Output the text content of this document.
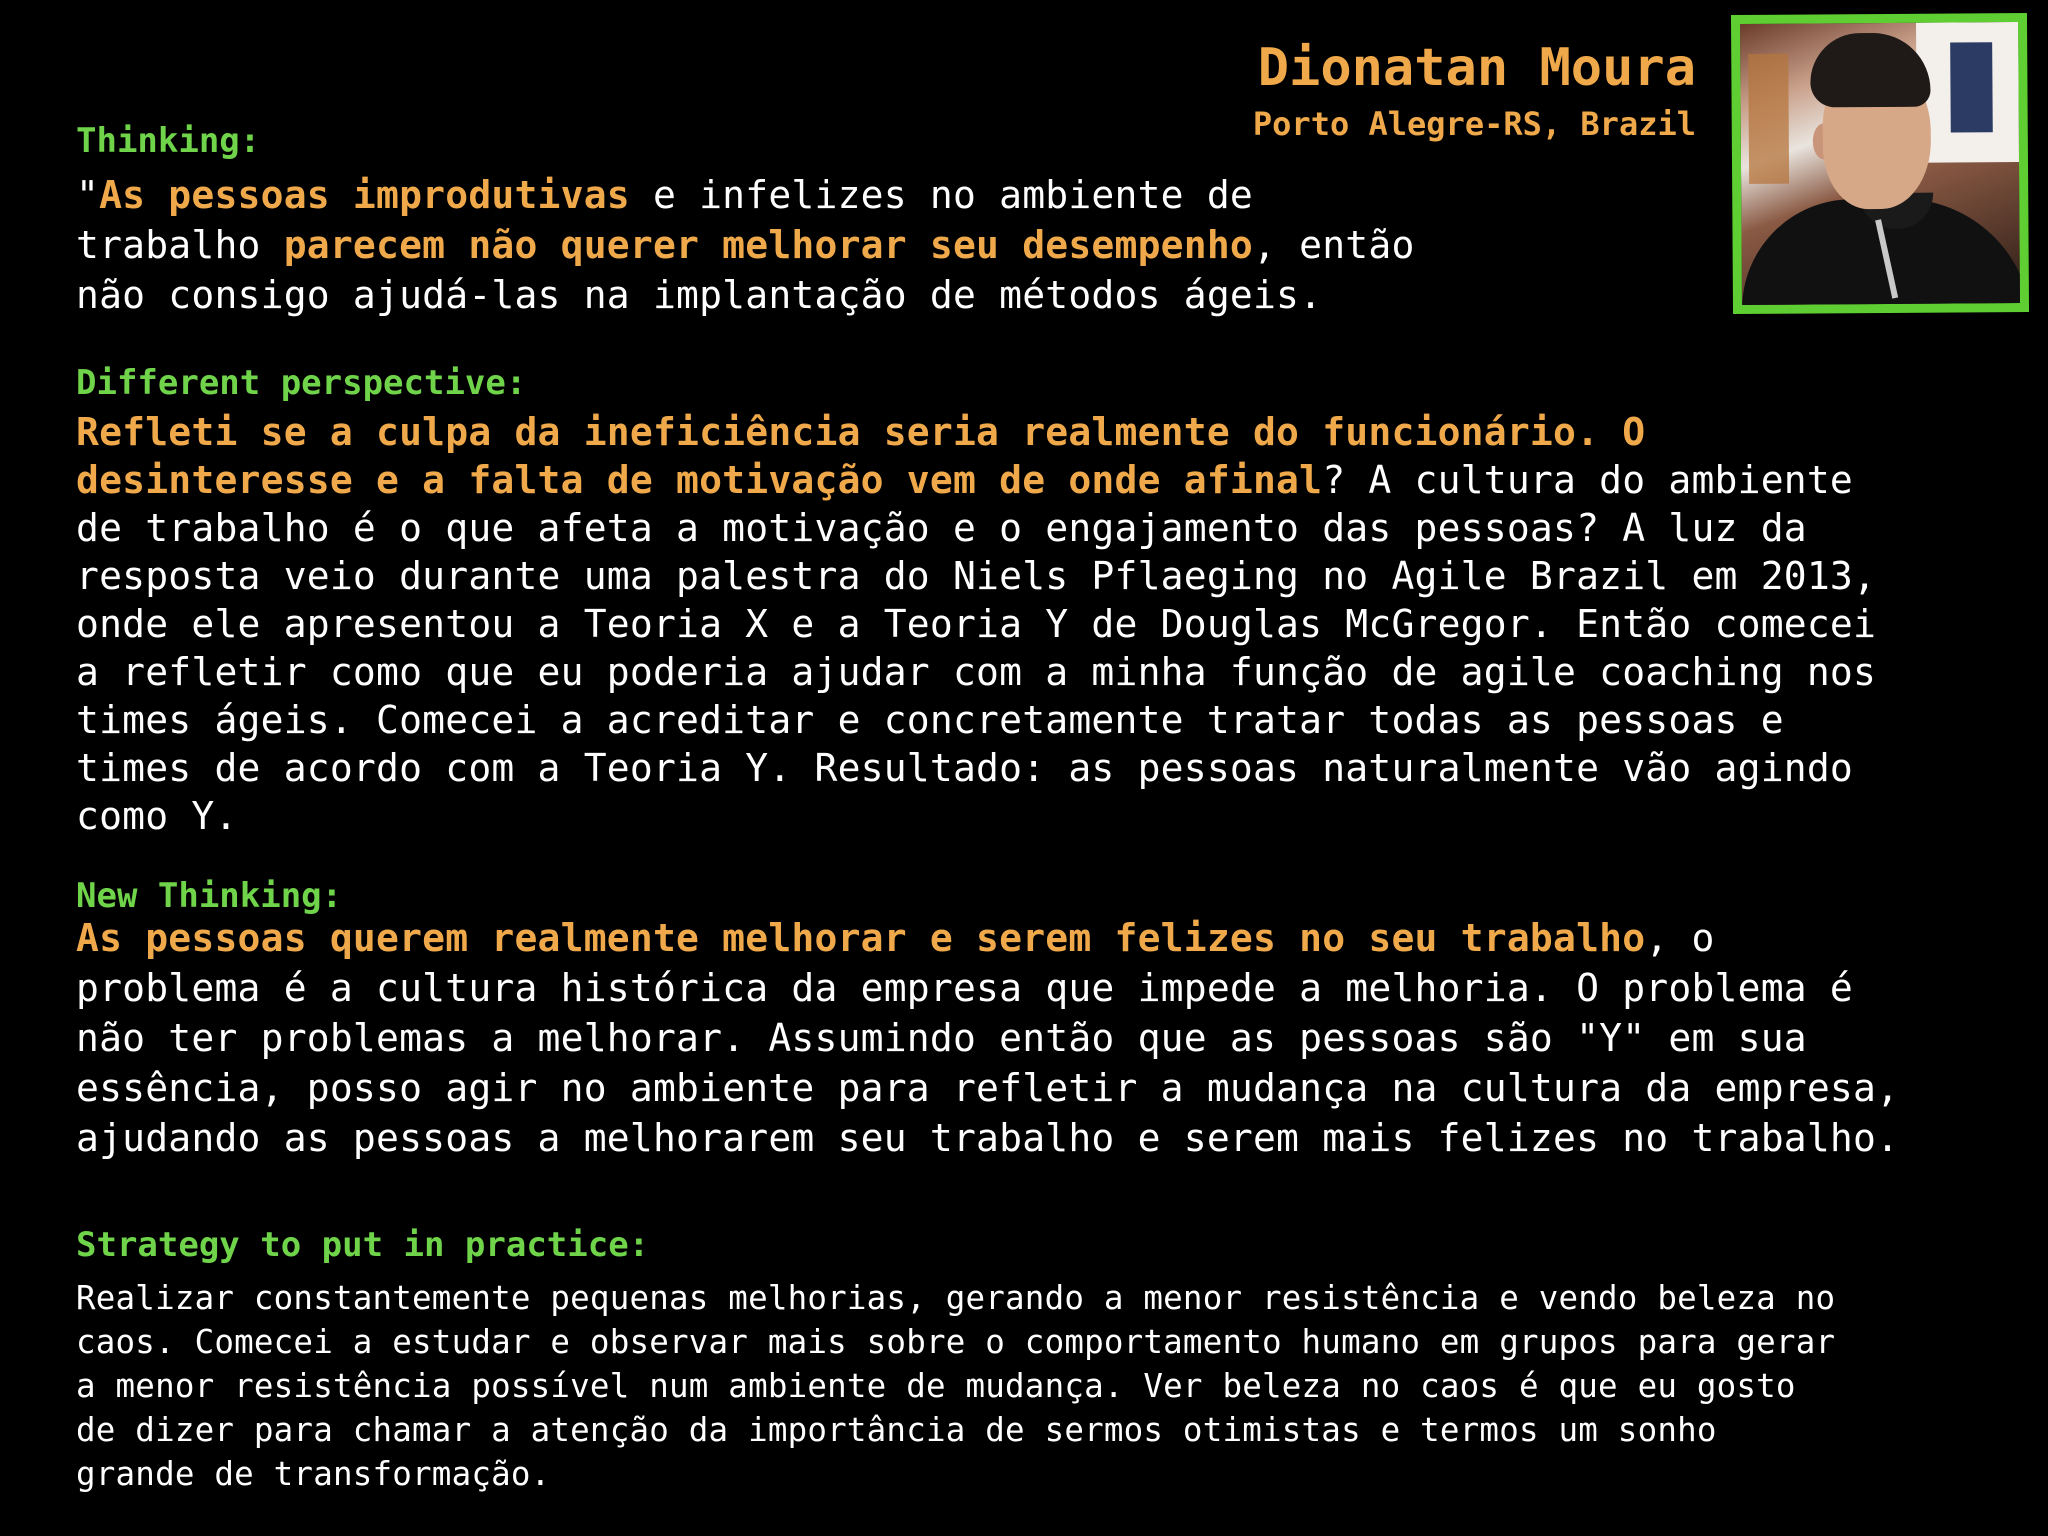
Dionatan Moura
Porto Alegre-RS, Brazil
Thinking:
"As pessoas improdutivas e infelizes no ambiente de
trabalho parecem não querer melhorar seu desempenho, então
não consigo ajudá-las na implantação de métodos ágeis.
Different perspective:
Refleti se a culpa da ineficiência seria realmente do funcionário. O
desinteresse e a falta de motivação vem de onde afinal? A cultura do ambiente
de trabalho é o que afeta a motivação e o engajamento das pessoas? A luz da
resposta veio durante uma palestra do Niels Pflaeging no Agile Brazil em 2013,
onde ele apresentou a Teoria X e a Teoria Y de Douglas McGregor. Então comecei
a refletir como que eu poderia ajudar com a minha função de agile coaching nos
times ágeis. Comecei a acreditar e concretamente tratar todas as pessoas e
times de acordo com a Teoria Y. Resultado: as pessoas naturalmente vão agindo
como Y.
New Thinking:
As pessoas querem realmente melhorar e serem felizes no seu trabalho, o
problema é a cultura histórica da empresa que impede a melhoria. O problema é
não ter problemas a melhorar. Assumindo então que as pessoas são "Y" em sua
essência, posso agir no ambiente para refletir a mudança na cultura da empresa,
ajudando as pessoas a melhorarem seu trabalho e serem mais felizes no trabalho.
Strategy to put in practice:
Realizar constantemente pequenas melhorias, gerando a menor resistência e vendo beleza no
caos. Comecei a estudar e observar mais sobre o comportamento humano em grupos para gerar
a menor resistência possível num ambiente de mudança. Ver beleza no caos é que eu gosto
de dizer para chamar a atenção da importância de sermos otimistas e termos um sonho
grande de transformação.
